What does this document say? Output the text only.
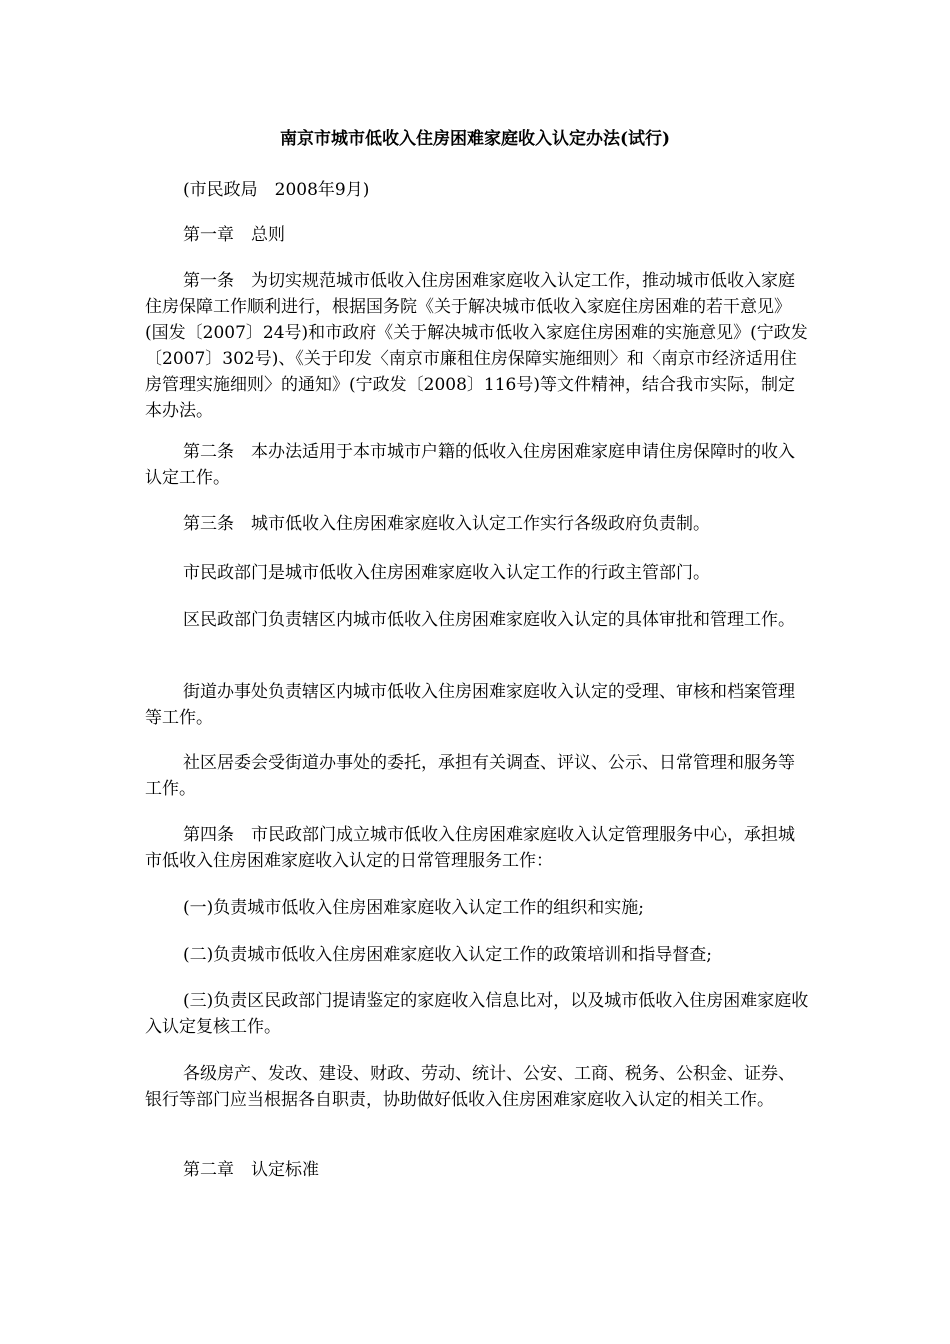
南京市城市低收入住房困难家庭收入认定办法(试行)

(市民政局　2008年9月)

第一章　总则

第一条　为切实规范城市低收入住房困难家庭收入认定工作，推动城市低收入家庭住房保障工作顺利进行，根据国务院《关于解决城市低收入家庭住房困难的若干意见》(国发〔2007〕24号)和市政府《关于解决城市低收入家庭住房困难的实施意见》(宁政发〔2007〕302号)、《关于印发〈南京市廉租住房保障实施细则〉和〈南京市经济适用住房管理实施细则〉的通知》(宁政发〔2008〕116号)等文件精神，结合我市实际，制定本办法。

第二条　本办法适用于本市城市户籍的低收入住房困难家庭申请住房保障时的收入认定工作。

第三条　城市低收入住房困难家庭收入认定工作实行各级政府负责制。

市民政部门是城市低收入住房困难家庭收入认定工作的行政主管部门。

区民政部门负责辖区内城市低收入住房困难家庭收入认定的具体审批和管理工作。

街道办事处负责辖区内城市低收入住房困难家庭收入认定的受理、审核和档案管理等工作。

社区居委会受街道办事处的委托，承担有关调查、评议、公示、日常管理和服务等工作。

第四条　市民政部门成立城市低收入住房困难家庭收入认定管理服务中心，承担城市低收入住房困难家庭收入认定的日常管理服务工作：

(一)负责城市低收入住房困难家庭收入认定工作的组织和实施;

(二)负责城市低收入住房困难家庭收入认定工作的政策培训和指导督查;

(三)负责区民政部门提请鉴定的家庭收入信息比对，以及城市低收入住房困难家庭收入认定复核工作。

各级房产、发改、建设、财政、劳动、统计、公安、工商、税务、公积金、证券、银行等部门应当根据各自职责，协助做好低收入住房困难家庭收入认定的相关工作。

第二章　认定标准
